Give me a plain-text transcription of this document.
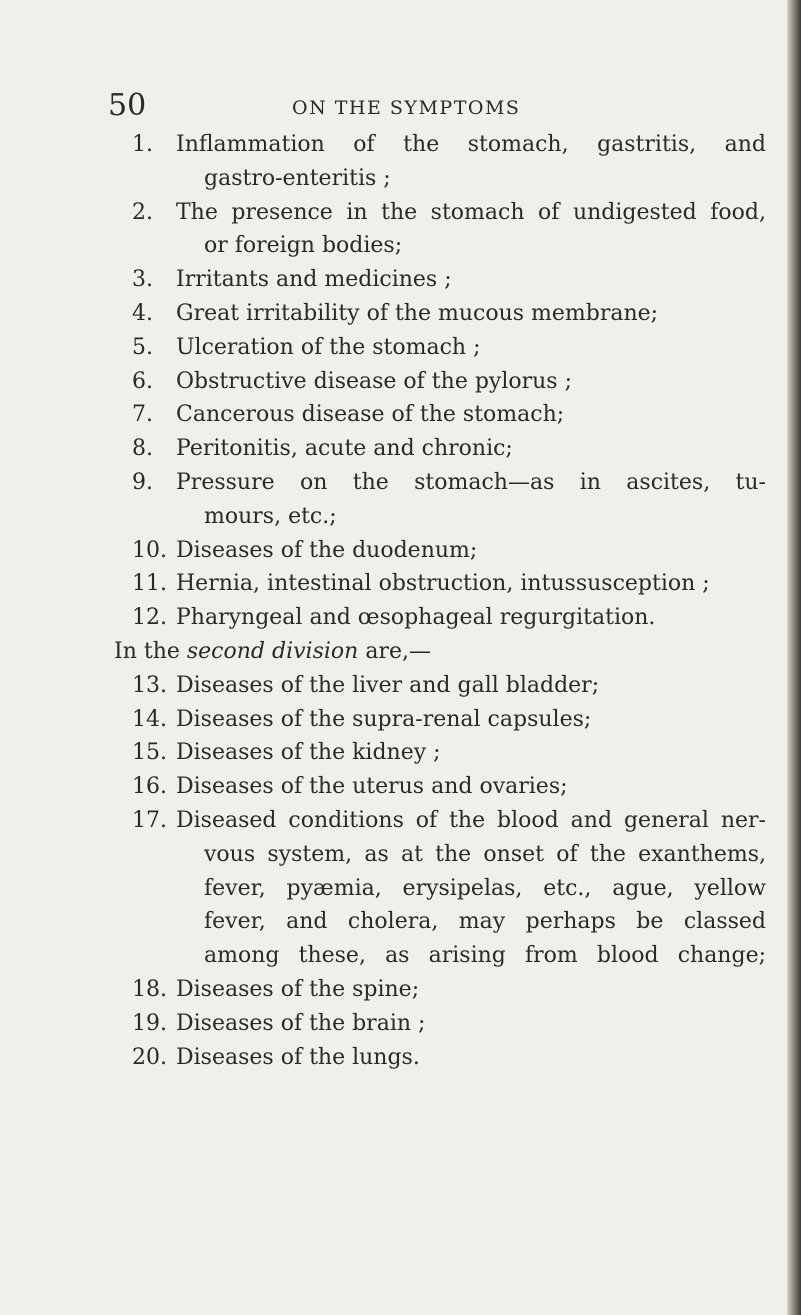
50	ON THE SYMPTOMS
1. Inflammation of the stomach, gastritis, and
gastro-enteritis ;
2. The presence in the stomach of undigested food,
or foreign bodies;
3. Irritants and medicines ;
4. Great irritability of the mucous membrane;
5. Ulceration of the stomach ;
6. Obstructive disease of the pylorus ;
7. Cancerous disease of the stomach;
8. Peritonitis, acute and chronic;
9. Pressure on the stomach—as in ascites, tu-
mours, etc.;
10. Diseases of the duodenum;
11. Hernia, intestinal obstruction, intussusception ;
12. Pharyngeal and œsophageal regurgitation.
In the second division are,—
13. Diseases of the liver and gall bladder;
14. Diseases of the supra-renal capsules;
15. Diseases of the kidney ;
16. Diseases of the uterus and ovaries;
17. Diseased conditions of the blood and general ner-
vous system, as at the onset of the exanthems,
fever, pyæmia, erysipelas, etc., ague, yellow
fever, and cholera, may perhaps be classed
among these, as arising from blood change;
18. Diseases of the spine;
19. Diseases of the brain ;
20. Diseases of the lungs.
